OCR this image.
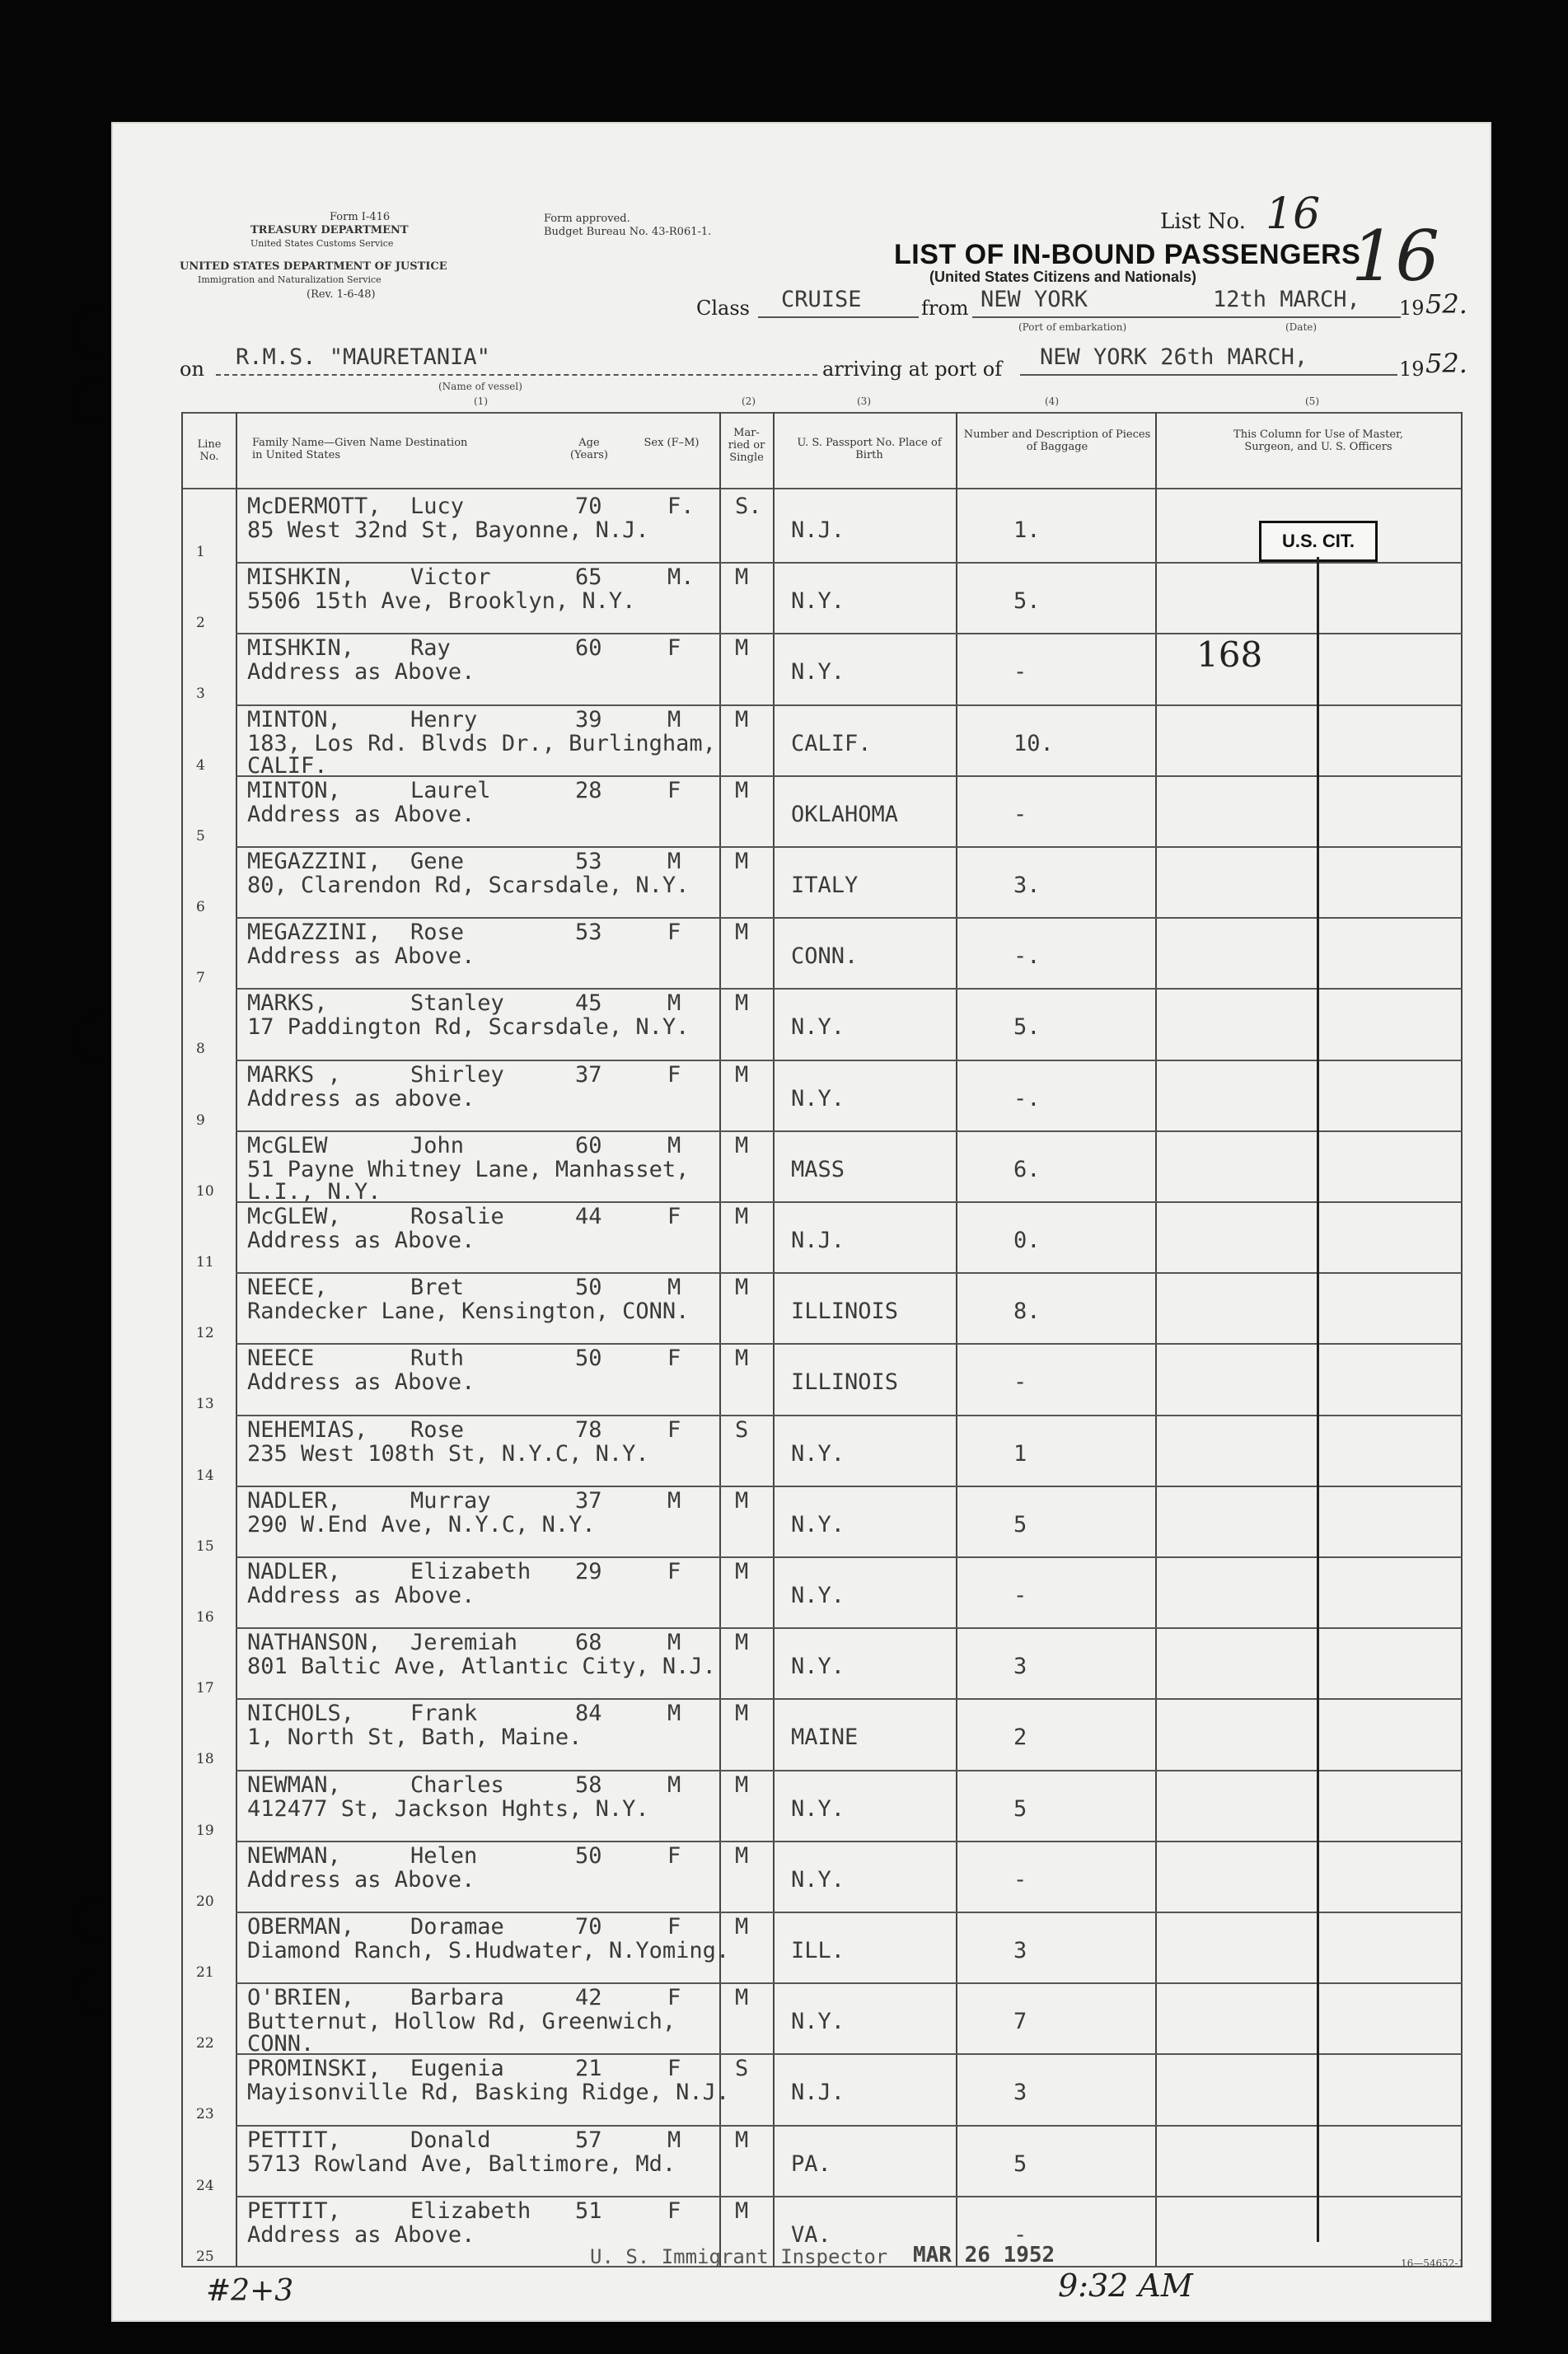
Form I-416
TREASURY DEPARTMENT
United States Customs Service
UNITED STATES DEPARTMENT OF JUSTICE
Immigration and Naturalization Service
(Rev. 1-6-48)
Form approved.
Budget Bureau No. 43-R061-1.	List No. 16
16
LIST OF IN-BOUND PASSENGERS
(United States Citizens and Nationals)
Class CRUISE	from NEW YORK	12th MARCH, 19 52.
(Port of embarkation)	(Date)
on R.M.S. "MAURETANIA"	arriving at port of NEW YORK 26th MARCH,	19 52.
(Name of vessel)
(1)	(2)	(3)	(4)	(5)
Line No.
Family Name—Given Name Destination in United States
Age (Years)
Sex (F–M)
Mar-ried or Single
U. S. Passport No. Place of Birth
Number and Description of Pieces of Baggage
This Column for Use of Master, Surgeon, and U. S. Officers
1
McDERMOTT, Lucy	70	F. S.
85 West 32nd St, Bayonne, N.J.	N.J.	1.
2
MISHKIN,	Victor	65	M. M
5506 15th Ave, Brooklyn, N.Y.	N.Y.	5.
3
MISHKIN,	Ray	60	F M
Address as Above.	N.Y.	-
4
MINTON,	Henry	39	M M
183, Los Rd. Blvds Dr., Burlingham,
CALIF.
CALIF.	10.
5
MINTON,	Laurel	28	F M
Address as Above.	OKLAHOMA	-
6
MEGAZZINI, Gene	53	M M
80, Clarendon Rd, Scarsdale, N.Y.	ITALY	3.
7
MEGAZZINI, Rose	53	F M
Address as Above.	CONN.	-.
8
MARKS,	Stanley	45	M M
17 Paddington Rd, Scarsdale, N.Y.	N.Y.	5.
9
MARKS ,	Shirley	37	F M
Address as above.	N.Y.	-.
10
McGLEW	John	60	M M
51 Payne Whitney Lane, Manhasset,
L.I., N.Y.
MASS	6.
11
McGLEW,	Rosalie	44	F M
Address as Above.	N.J.	0.
12
NEECE,	Bret	50	M M
Randecker Lane, Kensington, CONN.	ILLINOIS	8.
13
NEECE	Ruth	50	F M
Address as Above.	ILLINOIS	-
14
NEHEMIAS, Rose	78	F S
235 West 108th St, N.Y.C, N.Y.	N.Y.	1
15
NADLER,	Murray	37	M M
290 W.End Ave, N.Y.C, N.Y.	N.Y.	5
16
NADLER,	Elizabeth 29	F M
Address as Above.	N.Y.	-
17
NATHANSON, Jeremiah	68	M M
801 Baltic Ave, Atlantic City, N.J.	N.Y.	3
18
NICHOLS,	Frank	84	M M
1, North St, Bath, Maine.	MAINE	2
19
NEWMAN,	Charles	58	M M
412477 St, Jackson Hghts, N.Y.	N.Y.	5
20
NEWMAN,	Helen	50	F M
Address as Above.	N.Y.	-
21
OBERMAN,	Doramae	70	F M
Diamond Ranch, S.Hudwater, N.Yoming.	ILL.	3
22
O'BRIEN,	Barbara	42	F M
Butternut, Hollow Rd, Greenwich,
CONN.
N.Y.	7
23
PROMINSKI, Eugenia	21	F S
Mayisonville Rd, Basking Ridge, N.J.	N.J.	3
24
PETTIT,	Donald	57	M M
5713 Rowland Ave, Baltimore, Md.	PA.	5
25
PETTIT,	Elizabeth 51	F M
Address as Above.	VA.	-
U.S. CIT.
168
U. S. Immigrant Inspector MAR 26 1952
9:32 AM
#2+3
16—54652-1
